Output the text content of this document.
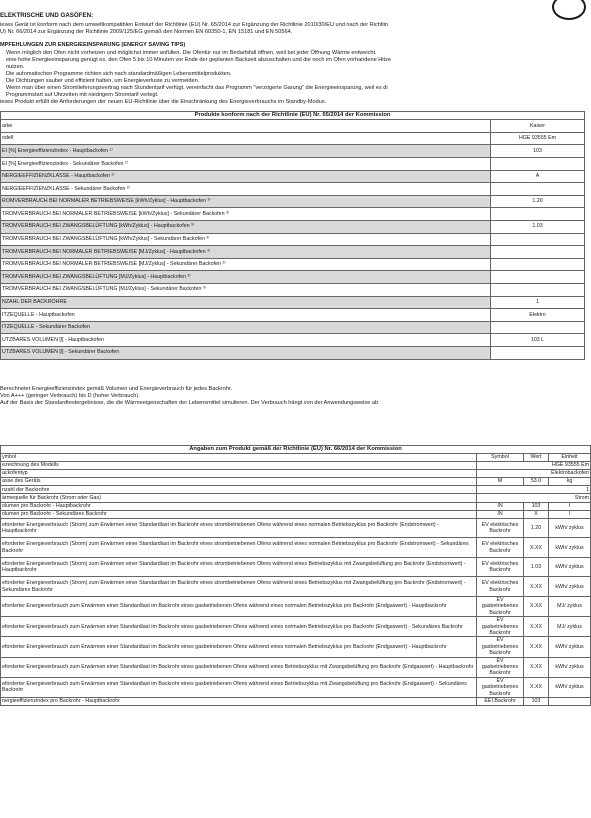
ELEKTRISCHE UND GASÖFEN:
ieses Gerät ist konform nach dem umweltkompatiblen Entwurf der Richtlinie (EU) Nr. 65/2014 zur Ergänzung der Richtlinie 2010/30/EU und nach der Richtlin
U) Nr. 66/2014 zur Ergänzung der Richtlinie 2009/125/EG gemäß den Normen EN 60350-1, EN 15181 und EN 50564.
MPFEHLUNGEN ZUR ENERGIEEINSPARUNG (ENERGY SAVING TIPS)
Wenn möglich den Ofen nicht vorheizen und möglichst immer anfüllen. Die Ofentür nur im Bedarfsfall öffnen, weil bei jeder Öffnung Wärme entweicht.
eine hohe Energieeinsparung genügt es, den Ofen 5 bis 10 Minuten vor Ende der geplanten Backzeit abzuschalten und die noch im Ofen vorhandene Hitze
nutzen.
Die automatischen Programme richten sich nach standardmäßigen Lebensmittelprodukten.
Die Dichtungen sauber und effizient halten, um Energieverluste zu vermeiden.
Wenn man über einen Stromlieferungsvertrag nach Stundentarif verfügt, vereinfacht das Programm "verzögerte Garung" die Energieeinsparung, weil es di
Programmstart auf Uhrzeiten mit niedrigem Stromtarif verlegt.
ieses Produkt erfüllt die Anforderungen der neuen EU-Richtlinie über die Einschränkung des Energieverbrauchs im Standby-Modus.
Produkte konform nach der Richtlinie (EU) Nr. 65/2014 der Kommission	
arke	Kaiser
odell	HGE 93555 Em
EI [%] Energieeffizienzindex - Hauptbackofen ¹⁾	103
EI [%] Energieeffizienzindex - Sekundärer Backofen ¹⁾	
NERGIEEFFIZIENZKLASSE - Hauptbackofen ²⁾	A
NERGIEEFFIZIENZKLASSE - Sekundärer Backofen ²⁾	
ROMVERBRAUCH BEI NORMALER BETRIEBSWEISE [kWh/Zyklus] - Hauptbackofen ³⁾	1.20
TROMVERBRAUCH BEI NORMALER BETRIEBSWEISE [kWh/Zyklus] - Sekundärer Backofen ³⁾	
TROMVERBRAUCH BEI ZWANGSBELÜFTUNG [kWh/Zyklus] - Hauptbackofen ³⁾	1.03
TROMVERBRAUCH BEI ZWANGSBELÜFTUNG [kWh/Zyklus] - Sekundärer Backofen ³⁾	
TROMVERBRAUCH BEI NORMALER BETRIEBSWEISE [MJ/Zyklus] - Hauptbackofen ³⁾	
TROMVERBRAUCH BEI NORMALER BETRIEBSWEISE [MJ/Zyklus] - Sekundärer Backofen ³⁾	
TROMVERBRAUCH BEI ZWANGSBELÜFTUNG [MJ/Zyklus] - Hauptbackofen ³⁾	
TROMVERBRAUCH BEI ZWANGSBELÜFTUNG [MJ/Zyklus] - Sekundärer Backofen ³⁾	
NZAHL DER BACKROHRE	1
ITZEQUELLE - Hauptbackofen	Elektro
ITZEQUELLE - Sekundärer Backofen	
UTZBARES VOLUMEN [l] - Hauptbackofen	103 L
UTZBARES VOLUMEN [l] - Sekundärer Backofen	
Berechneter Energieeffizienzindex gemäß Volumen und Energieverbrauch für jedes Backrohr.
Von A+++ (geringer Verbrauch) bis D (hoher Verbrauch).
Auf der Basis der Standardtestergebnisse, die die Wärmeeigenschaften der Lebensmittel simulieren. Der Verbrauch hängt von der Anwendungsweise ab
Angaben zum Produkt gemäß der Richtlinie (EU) Nr. 66/2014 der Kommission			
ymbol	Symbol	Wert	Einheit
ezeichnung des Modells	HGE 93555 Em		
ackofentyp	Elektrobackofen		
asse des Geräts	M	53.0	kg
nzahl der Backrohre	1		
ärmequelle für Backrohr (Strom oder Gas)	Strom		
olumen pro Backrohr - Hauptbackrohr	IN	103	l
olumen pro Backrohr - Sekundäres Backrohr	IN	X	l
eforderter Energieverbrauch (Strom) zum Erwärmen einer Standardlast im Backrohr eines strombetriebenen Ofens während eines normalen Betriebszyklus pro Backrohr (Endstromwert) - Hauptbackrohr	EV elektrisches Backrohr	1.20	kWh/ zyklus
eforderter Energieverbrauch (Strom) zum Erwärmen einer Standardlast im Backrohr eines strombetriebenen Ofens während eines normalen Betriebszyklus pro Backrohr (Endstromwert) - Sekundäres Backrohr	EV elektrisches Backrohr	X.XX	kWh/ zyklus
eforderter Energieverbrauch (Strom) zum Erwärmen einer Standardlast im Backrohr eines strombetriebenen Ofens während eines Betriebszyklus mit Zwangsbelüftung pro Backrohr (Endstromwert) - Hauptbackrohr	EV elektrisches Backrohr	1.03	kWh/ zyklus
eforderter Energieverbrauch (Strom) zum Erwärmen einer Standardlast im Backrohr eines strombetriebenen Ofens während eines Betriebszyklus mit Zwangsbelüftung pro Backrohr (Endstromwert) - Sekundäres Backrohr	EV elektrisches Backrohr	X.XX	kWh/ zyklus
eforderter Energieverbrauch zum Erwärmen einer Standardlast im Backrohr eines gasbetriebenen Ofens während eines normalen Betriebszyklus pro Backrohr (Endgaswert) - Hauptbackrohr	EV gasbetriebenes Backrohr	X.XX	MJ/ zyklus
eforderter Energieverbrauch zum Erwärmen einer Standardlast im Backrohr eines gasbetriebenen Ofens während eines normalen Betriebszyklus pro Backrohr (Endgaswert) - Sekundäres Backrohr	EV gasbetriebenes Backrohr	X.XX	MJ/ zyklus
eforderter Energieverbrauch zum Erwärmen einer Standardlast im Backrohr eines gasbetriebenen Ofens während eines normalen Betriebszyklus pro Backrohr (Endgaswert) - Hauptbackrohr	EV gasbetriebenes Backrohr	X.XX	kWh/ zyklus
eforderter Energieverbrauch zum Erwärmen einer Standardlast im Backrohr eines gasbetriebenen Ofens während eines Betriebszyklus mit Zwangsbelüftung pro Backrohr (Endgaswert) - Hauptbackrohr	EV gasbetriebenes Backrohr	X.XX	kWh/ zyklus
eforderter Energieverbrauch zum Erwärmen einer Standardlast im Backrohr eines gasbetriebenen Ofens während eines Betriebszyklus mit Zwangsbelüftung pro Backrohr (Endgaswert) - Sekundäres Backrohr	EV gasbetriebenes Backrohr	X.XX	kWh/ zyklus
nergieeffizienzindex pro Backrohr - Hauptbackrohr	EEI Backrohr	103	
